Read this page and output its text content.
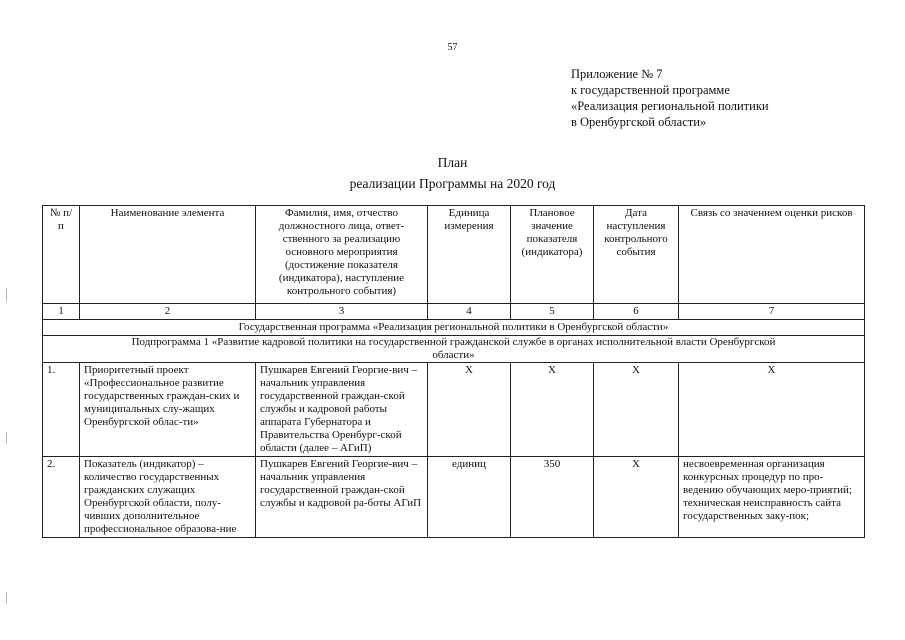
57
Приложение № 7
к государственной программе
«Реализация региональной политики
в Оренбургской области»
План
реализации Программы на 2020 год
№ п/п	Наименование элемента	Фамилия, имя, отчество должностного лица, ответ-ственного за реализацию основного мероприятия (достижение показателя (индикатора), наступление контрольного события)	Единица измерения	Плановое значение показателя (индикатора)	Дата наступления контрольного события	Связь со значением оценки рисков
1	2	3	4	5	6	7
Государственная программа «Реализация региональной политики в Оренбургской области»						
Подпрограмма 1 «Развитие кадровой политики на государственной гражданской службе в органах исполнительной власти Оренбургской области»						
1.	Приоритетный проект «Профессиональное развитие государственных граждан-ских и муниципальных слу-жащих Оренбургской облас-ти»	Пушкарев Евгений Георгие-вич – начальник управления государственной граждан-ской службы и кадровой работы аппарата Губернатора и Правительства Оренбург-ской области (далее – АГиП)	X	X	X	X
2.	Показатель (индикатор) – количество государственных гражданских служащих Оренбургской области, полу-чивших дополнительное профессиональное образова-ние	Пушкарев Евгений Георгие-вич – начальник управления государственной граждан-ской службы и кадровой ра-боты АГиП	единиц	350	X	несвоевременная организация конкурсных процедур по про-ведению обучающих меро-приятий;
техническая неисправность сайта государственных заку-пок;
